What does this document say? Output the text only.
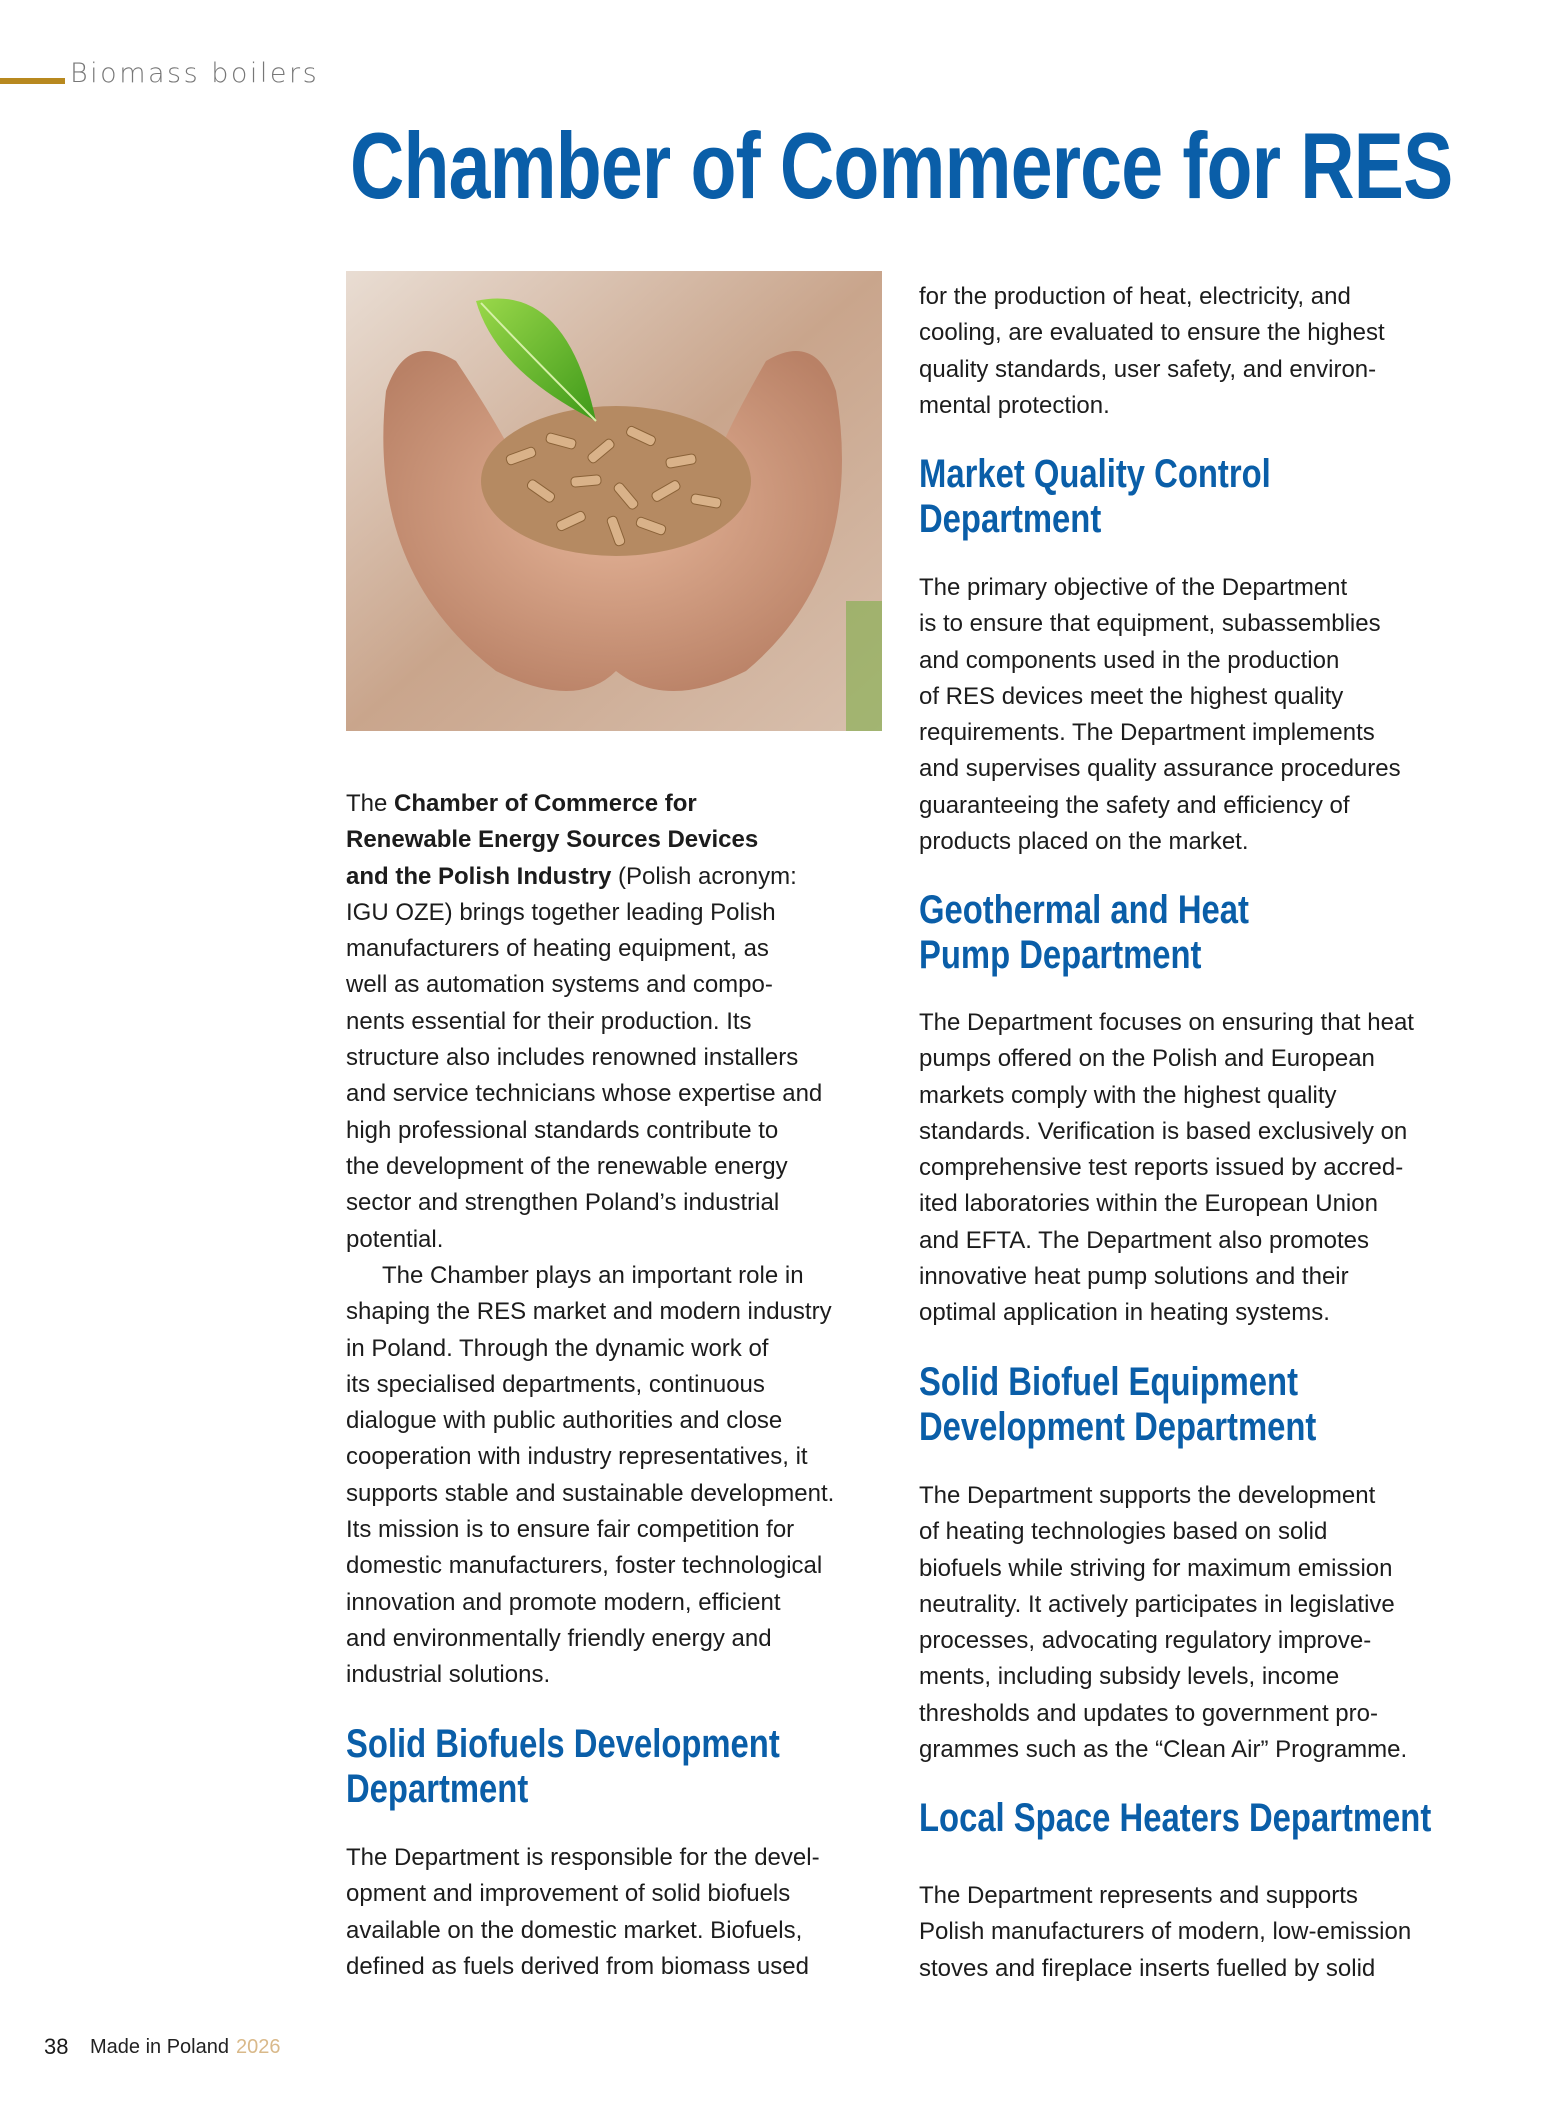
Biomass boilers
Chamber of Commerce for RES
The Chamber of Commerce for
Renewable Energy Sources Devices
and the Polish Industry (Polish acronym:
IGU OZE) brings together leading Polish
manufacturers of heating equipment, as
well as automation systems and compo-
nents essential for their production. Its
structure also includes renowned installers
and service technicians whose expertise and
high professional standards contribute to
the development of the renewable energy
sector and strengthen Poland’s industrial
potential.
The Chamber plays an important role in
shaping the RES market and modern industry
in Poland. Through the dynamic work of
its specialised departments, continuous
dialogue with public authorities and close
cooperation with industry representatives, it
supports stable and sustainable development.
Its mission is to ensure fair competition for
domestic manufacturers, foster technological
innovation and promote modern, efficient
and environmentally friendly energy and
industrial solutions.
Solid Biofuels Development
Department
The Department is responsible for the devel-
opment and improvement of solid biofuels
available on the domestic market. Biofuels,
defined as fuels derived from biomass used
for the production of heat, electricity, and
cooling, are evaluated to ensure the highest
quality standards, user safety, and environ-
mental protection.
Market Quality Control
Department
The primary objective of the Department
is to ensure that equipment, subassemblies
and components used in the production
of RES devices meet the highest quality
requirements. The Department implements
and supervises quality assurance procedures
guaranteeing the safety and efficiency of
products placed on the market.
Geothermal and Heat
Pump Department
The Department focuses on ensuring that heat
pumps offered on the Polish and European
markets comply with the highest quality
standards. Verification is based exclusively on
comprehensive test reports issued by accred-
ited laboratories within the European Union
and EFTA. The Department also promotes
innovative heat pump solutions and their
optimal application in heating systems.
Solid Biofuel Equipment
Development Department
The Department supports the development
of heating technologies based on solid
biofuels while striving for maximum emission
neutrality. It actively participates in legislative
processes, advocating regulatory improve-
ments, including subsidy levels, income
thresholds and updates to government pro-
grammes such as the “Clean Air” Programme.
Local Space Heaters Department
The Department represents and supports
Polish manufacturers of modern, low-emission
stoves and fireplace inserts fuelled by solid
38 Made in Poland 2026
